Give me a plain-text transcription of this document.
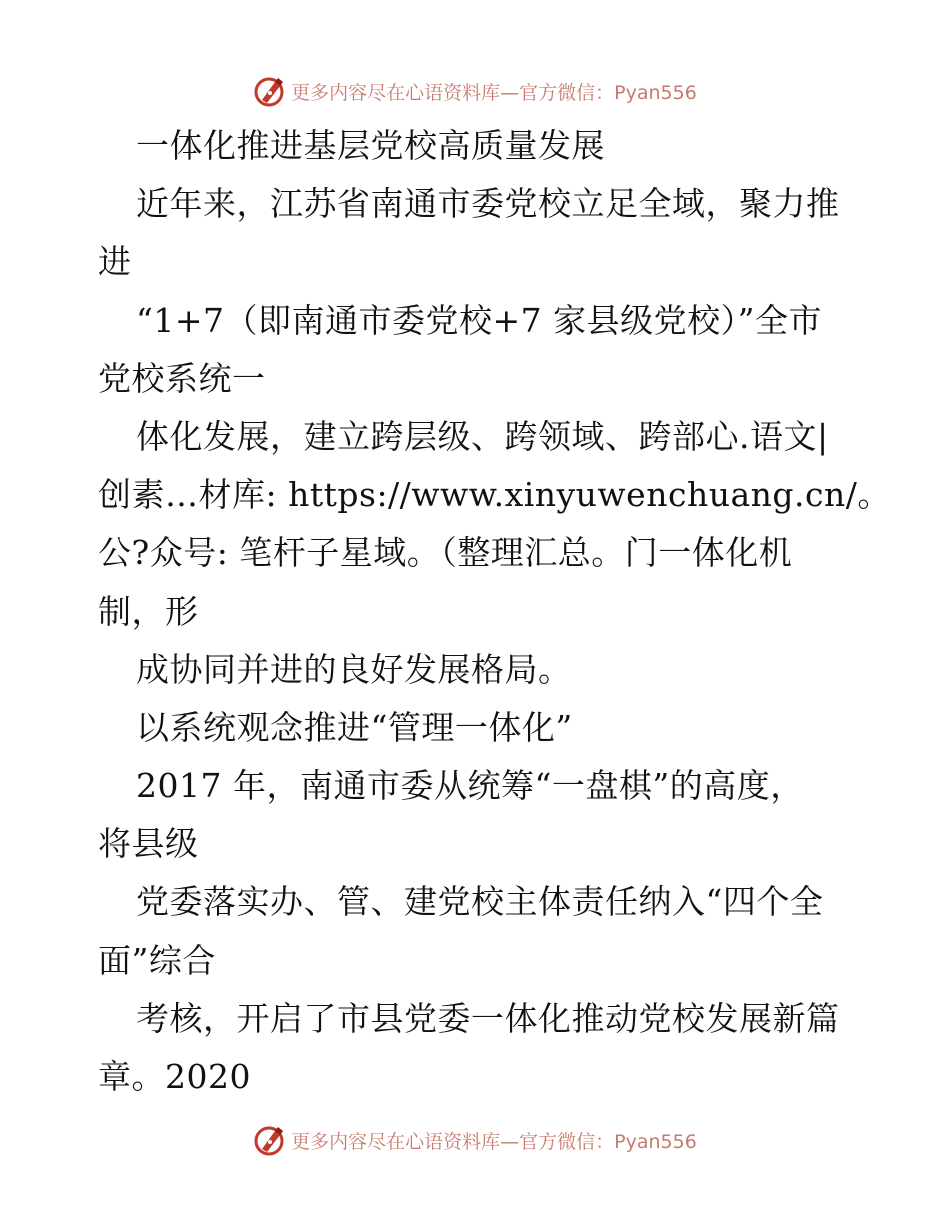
更多内容尽在心语资料库—官方微信：Pyan556
一体化推进基层党校高质量发展
近年来，江苏省南通市委党校立足全域，聚力推
进
“1+7（即南通市委党校+7 家县级党校）”全市
党校系统一
体化发展，建立跨层级、跨领域、跨部心.语文|
创素…材库: https://www.xinyuwenchuang.cn/。
公?众号: 笔杆子星域。（整理汇总。门一体化机
制，形
成协同并进的良好发展格局。
以系统观念推进“管理一体化”
2017 年，南通市委从统筹“一盘棋”的高度，
将县级
党委落实办、管、建党校主体责任纳入“四个全
面”综合
考核，开启了市县党委一体化推动党校发展新篇
章。2020
更多内容尽在心语资料库—官方微信：Pyan556
